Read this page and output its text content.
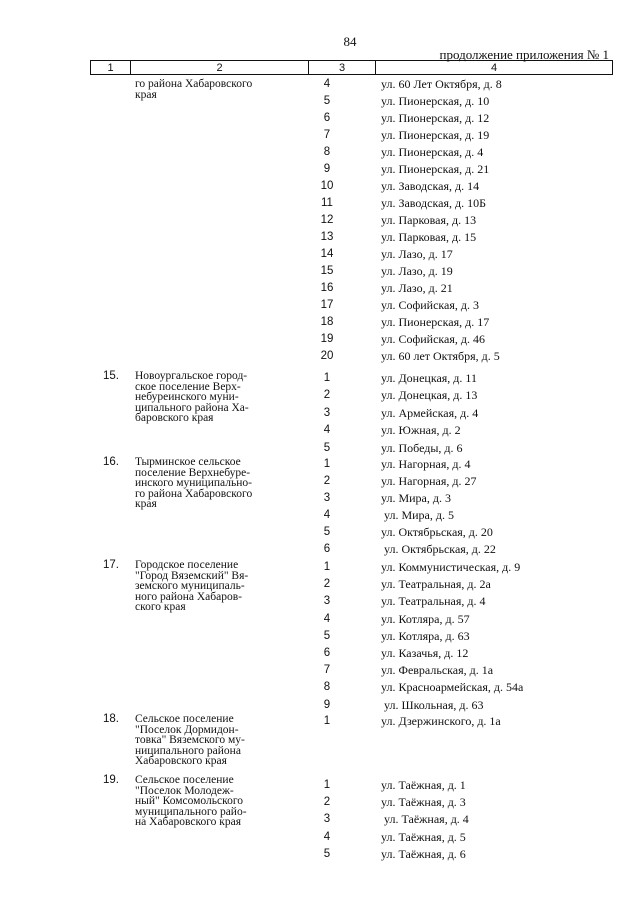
84
продолжение приложения № 1
1	2	3	4
го района Хабаровского
края
4	ул. 60 Лет Октября, д. 8
5	ул. Пионерская, д. 10
6	ул. Пионерская, д. 12
7	ул. Пионерская, д. 19
8	ул. Пионерская, д. 4
9	ул. Пионерская, д. 21
10	ул. Заводская, д. 14
11	ул. Заводская, д. 10Б
12	ул. Парковая, д. 13
13	ул. Парковая, д. 15
14	ул. Лазо, д. 17
15	ул. Лазо, д. 19
16	ул. Лазо, д. 21
17	ул. Софийская, д. 3
18	ул. Пионерская, д. 17
19	ул. Софийская, д. 46
20	ул. 60 лет Октября, д. 5
15. Новоургальское город-
ское поселение Верх-
небуреинского муни-
ципального района Ха-
баровского края
1	ул. Донецкая, д. 11
2	ул. Донецкая, д. 13
3	ул. Армейская, д. 4
4	ул. Южная, д. 2
5	ул. Победы, д. 6
16. Тырминское сельское
поселение Верхнебуре-
инского муниципально-
го района Хабаровского
края
1	ул. Нагорная, д. 4
2	ул. Нагорная, д. 27
3	ул. Мира, д. 3
4	ул. Мира, д. 5
5	ул. Октябрьская, д. 20
6	ул. Октябрьская, д. 22
17. Городское поселение
"Город Вяземский" Вя-
земского муниципаль-
ного района Хабаров-
ского края
1	ул. Коммунистическая, д. 9
2	ул. Театральная, д. 2а
3	ул. Театральная, д. 4
4	ул. Котляра, д. 57
5	ул. Котляра, д. 63
6	ул. Казачья, д. 12
7	ул. Февральская, д. 1а
8	ул. Красноармейская, д. 54а
9	ул. Школьная, д. 63
18. Сельское поселение
"Поселок Дормидон-
товка" Вяземского му-
ниципального района
Хабаровского края
1	ул. Дзержинского, д. 1а
19. Сельское поселение
"Поселок Молодеж-
ный" Комсомольского
муниципального райо-
на Хабаровского края
1	ул. Таёжная, д. 1
2	ул. Таёжная, д. 3
3	ул. Таёжная, д. 4
4	ул. Таёжная, д. 5
5	ул. Таёжная, д. 6
